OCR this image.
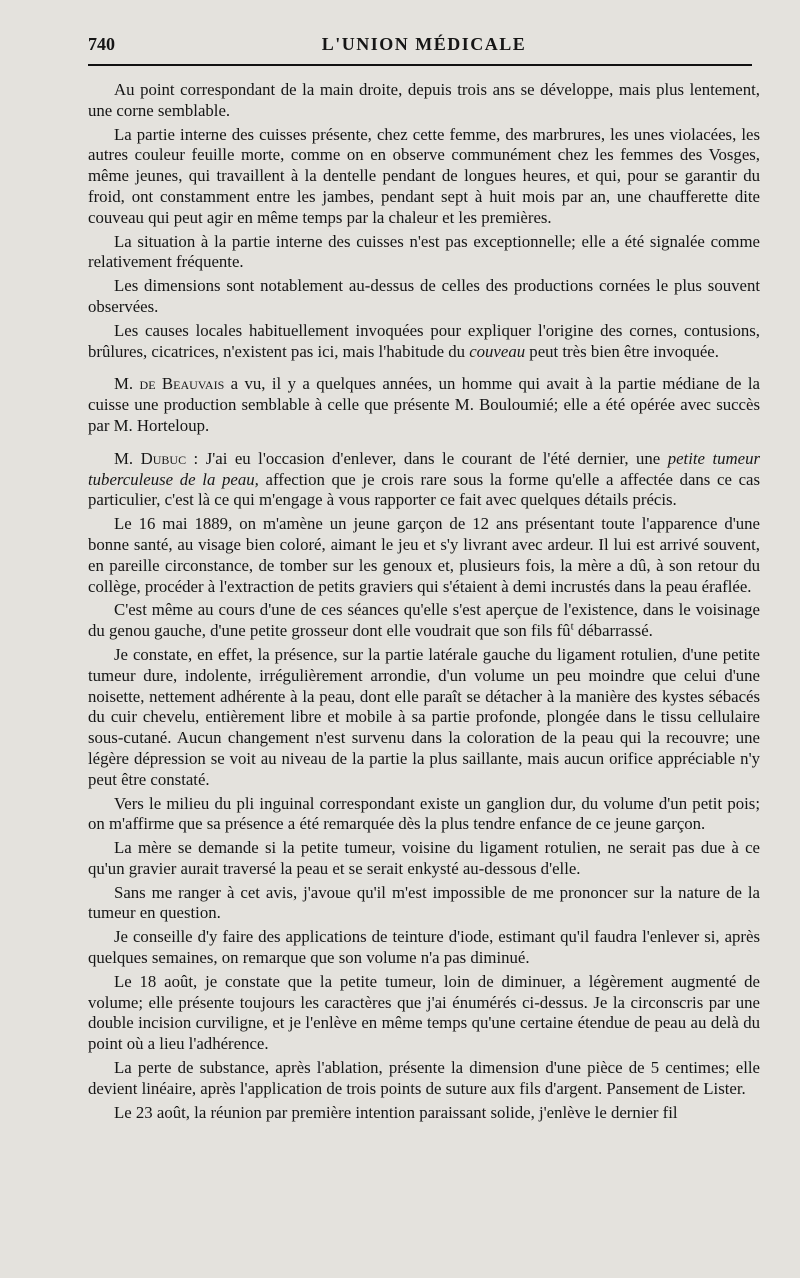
740	L'UNION MÉDICALE

Au point correspondant de la main droite, depuis trois ans se développe, mais plus lentement, une corne semblable.

La partie interne des cuisses présente, chez cette femme, des marbrures, les unes violacées, les autres couleur feuille morte, comme on en observe communément chez les femmes des Vosges, même jeunes, qui travaillent à la dentelle pendant de longues heures, et qui, pour se garantir du froid, ont constamment entre les jambes, pendant sept à huit mois par an, une chaufferette dite couveau qui peut agir en même temps par la chaleur et les premières.

La situation à la partie interne des cuisses n'est pas exceptionnelle; elle a été signalée comme relativement fréquente.

Les dimensions sont notablement au-dessus de celles des productions cornées le plus souvent observées.

Les causes locales habituellement invoquées pour expliquer l'origine des cornes, contusions, brûlures, cicatrices, n'existent pas ici, mais l'habitude du couveau peut très bien être invoquée.

M. de Beauvais a vu, il y a quelques années, un homme qui avait à la partie médiane de la cuisse une production semblable à celle que présente M. Bouloumié; elle a été opérée avec succès par M. Horteloup.

M. Dubuc : J'ai eu l'occasion d'enlever, dans le courant de l'été dernier, une petite tumeur tuberculeuse de la peau, affection que je crois rare sous la forme qu'elle a affectée dans ce cas particulier, c'est là ce qui m'engage à vous rapporter ce fait avec quelques détails précis.

Le 16 mai 1889, on m'amène un jeune garçon de 12 ans présentant toute l'apparence d'une bonne santé, au visage bien coloré, aimant le jeu et s'y livrant avec ardeur. Il lui est arrivé souvent, en pareille circonstance, de tomber sur les genoux et, plusieurs fois, la mère a dû, à son retour du collège, procéder à l'extraction de petits graviers qui s'étaient à demi incrustés dans la peau éraflée.

C'est même au cours d'une de ces séances qu'elle s'est aperçue de l'existence, dans le voisinage du genou gauche, d'une petite grosseur dont elle voudrait que son fils $fû^t$ débarrassé.

Je constate, en effet, la présence, sur la partie latérale gauche du ligament rotulien, d'une petite tumeur dure, indolente, irrégulièrement arrondie, d'un volume un peu moindre que celui d'une noisette, nettement adhérente à la peau, dont elle paraît se détacher à la manière des kystes sébacés du cuir chevelu, entièrement libre et mobile à sa partie profonde, plongée dans le tissu cellulaire sous-cutané. Aucun changement n'est survenu dans la coloration de la peau qui la recouvre; une légère dépression se voit au niveau de la partie la plus saillante, mais aucun orifice appréciable n'y peut être constaté.

Vers le milieu du pli inguinal correspondant existe un ganglion dur, du volume d'un petit pois; on m'affirme que sa présence a été remarquée dès la plus tendre enfance de ce jeune garçon.

La mère se demande si la petite tumeur, voisine du ligament rotulien, ne serait pas due à ce qu'un gravier aurait traversé la peau et se serait enkysté au-dessous d'elle.

Sans me ranger à cet avis, j'avoue qu'il m'est impossible de me prononcer sur la nature de la tumeur en question.

Je conseille d'y faire des applications de teinture d'iode, estimant qu'il faudra l'enlever si, après quelques semaines, on remarque que son volume n'a pas diminué.

Le 18 août, je constate que la petite tumeur, loin de diminuer, a légèrement augmenté de volume; elle présente toujours les caractères que j'ai énumérés ci-dessus. Je la circonscris par une double incision curviligne, et je l'enlève en même temps qu'une certaine étendue de peau au delà du point où a lieu l'adhérence.

La perte de substance, après l'ablation, présente la dimension d'une pièce de 5 centimes; elle devient linéaire, après l'application de trois points de suture aux fils d'argent. Pansement de Lister.

Le 23 août, la réunion par première intention paraissant solide, j'enlève le dernier fil
